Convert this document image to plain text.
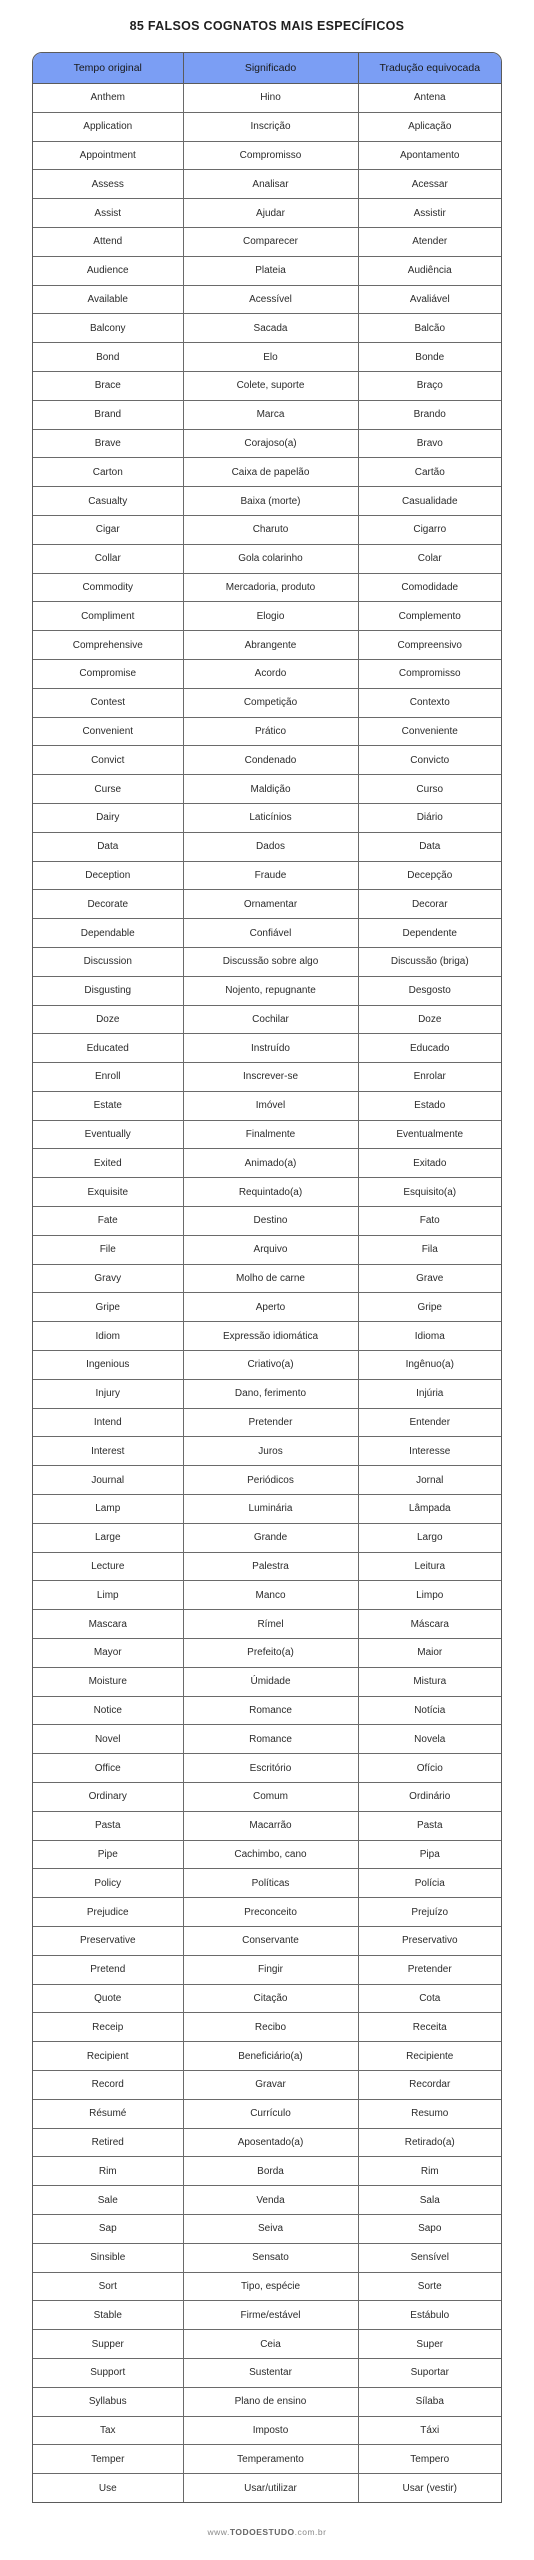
85 FALSOS COGNATOS MAIS ESPECÍFICOS
Tempo original	Significado	Tradução equivocada
Anthem	Hino	Antena
Application	Inscrição	Aplicação
Appointment	Compromisso	Apontamento
Assess	Analisar	Acessar
Assist	Ajudar	Assistir
Attend	Comparecer	Atender
Audience	Plateia	Audiência
Available	Acessível	Avaliável
Balcony	Sacada	Balcão
Bond	Elo	Bonde
Brace	Colete, suporte	Braço
Brand	Marca	Brando
Brave	Corajoso(a)	Bravo
Carton	Caixa de papelão	Cartão
Casualty	Baixa (morte)	Casualidade
Cigar	Charuto	Cigarro
Collar	Gola colarinho	Colar
Commodity	Mercadoria, produto	Comodidade
Compliment	Elogio	Complemento
Comprehensive	Abrangente	Compreensivo
Compromise	Acordo	Compromisso
Contest	Competição	Contexto
Convenient	Prático	Conveniente
Convict	Condenado	Convicto
Curse	Maldição	Curso
Dairy	Laticínios	Diário
Data	Dados	Data
Deception	Fraude	Decepção
Decorate	Ornamentar	Decorar
Dependable	Confiável	Dependente
Discussion	Discussão sobre algo	Discussão (briga)
Disgusting	Nojento, repugnante	Desgosto
Doze	Cochilar	Doze
Educated	Instruído	Educado
Enroll	Inscrever-se	Enrolar
Estate	Imóvel	Estado
Eventually	Finalmente	Eventualmente
Exited	Animado(a)	Exitado
Exquisite	Requintado(a)	Esquisito(a)
Fate	Destino	Fato
File	Arquivo	Fila
Gravy	Molho de carne	Grave
Gripe	Aperto	Gripe
Idiom	Expressão idiomática	Idioma
Ingenious	Criativo(a)	Ingênuo(a)
Injury	Dano, ferimento	Injúria
Intend	Pretender	Entender
Interest	Juros	Interesse
Journal	Periódicos	Jornal
Lamp	Luminária	Lâmpada
Large	Grande	Largo
Lecture	Palestra	Leitura
Limp	Manco	Limpo
Mascara	Rímel	Máscara
Mayor	Prefeito(a)	Maior
Moisture	Úmidade	Mistura
Notice	Romance	Notícia
Novel	Romance	Novela
Office	Escritório	Ofício
Ordinary	Comum	Ordinário
Pasta	Macarrão	Pasta
Pipe	Cachimbo, cano	Pipa
Policy	Políticas	Polícia
Prejudice	Preconceito	Prejuízo
Preservative	Conservante	Preservativo
Pretend	Fingir	Pretender
Quote	Citação	Cota
Receip	Recibo	Receita
Recipient	Beneficiário(a)	Recipiente
Record	Gravar	Recordar
Résumé	Currículo	Resumo
Retired	Aposentado(a)	Retirado(a)
Rim	Borda	Rim
Sale	Venda	Sala
Sap	Seiva	Sapo
Sinsible	Sensato	Sensível
Sort	Tipo, espécie	Sorte
Stable	Firme/estável	Estábulo
Supper	Ceia	Super
Support	Sustentar	Suportar
Syllabus	Plano de ensino	Sílaba
Tax	Imposto	Táxi
Temper	Temperamento	Tempero
Use	Usar/utilizar	Usar (vestir)
www.TODOESTUDO.com.br
